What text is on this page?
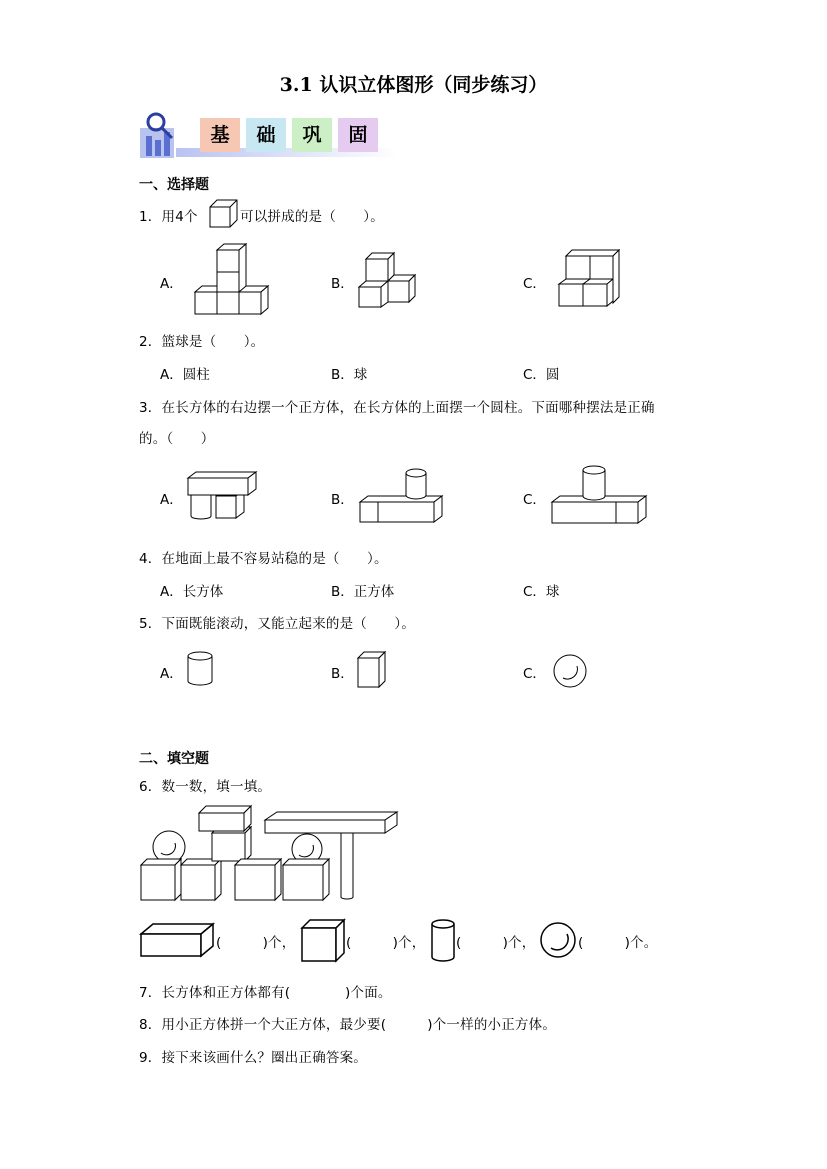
3.1 认识立体图形（同步练习）
基	础	巩	固
一、选择题
1．用4个	可以拼成的是（　　）。
A．	B．	C．
2．篮球是（　　）。
A．圆柱	B．球	C．圆
3．在长方体的右边摆一个正方体，在长方体的上面摆一个圆柱。下面哪种摆法是正确
的。（　　）
A．	B．	C．
4．在地面上最不容易站稳的是（　　）。
A．长方体	B．正方体	C．球
5．下面既能滚动，又能立起来的是（　　）。
A．	B．	C．
二、填空题
6．数一数，填一填。
(　　　)个，	(　　　)个， (　　　)个，	(　　　)个。
7．长方体和正方体都有(　　　　)个面。
8．用小正方体拼一个大正方体，最少要(　　　)个一样的小正方体。
9．接下来该画什么？圈出正确答案。
